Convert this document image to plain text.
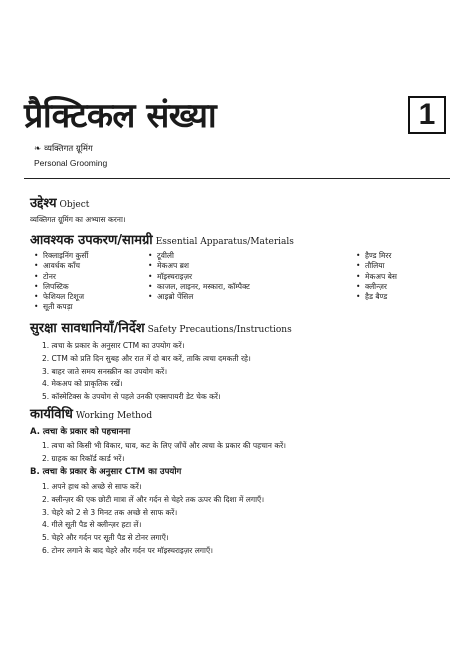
प्रैक्टिकल संख्या	1
❧ व्यक्तिगत ग्रूमिंग
Personal Grooming
उद्देश्य Object
व्यक्तिगत ग्रूमिंग का अभ्यास करना।
आवश्यक उपकरण/सामग्री Essential Apparatus/Materials
• रिक्लाइनिंग कुर्सी
• आवर्धक काँच
• टोनर
• लिपस्टिक
• फेशियल टिशूज
• सूती कपड़ा
• टूवीली
• मेकअप ब्रश
• मॉइस्चराइज़र
• काजल, लाइनर, मस्कारा, कॉम्पैक्ट
• आइब्रो पेंसिल
• हैण्ड मिरर
• तौलिया
• मेकअप बेस
• क्लीन्ज़र
• हैड बैण्ड
सुरक्षा सावधानियाँ/निर्देश Safety Precautions/Instructions
1. त्वचा के प्रकार के अनुसार CTM का उपयोग करें।
2. CTM को प्रति दिन सुबह और रात में दो बार करें, ताकि त्वचा दमकती रहे।
3. बाहर जाते समय सनस्क्रीन का उपयोग करें।
4. मेकअप को प्राकृतिक रखें।
5. कॉस्मेटिक्स के उपयोग से पहले उनकी एक्सपायरी डेट चेक करें।
कार्यविधि Working Method
A. त्वचा के प्रकार को पहचानना
1. त्वचा को किसी भी विकार, घाव, कट के लिए जाँचें और त्वचा के प्रकार की पहचान करें।
2. ग्राहक का रिकॉर्ड कार्ड भरें।
B. त्वचा के प्रकार के अनुसार CTM का उपयोग
1. अपने हाथ को अच्छे से साफ करें।
2. क्लीन्ज़र की एक छोटी मात्रा लें और गर्दन से चेहरे तक ऊपर की दिशा में लगाएँ।
3. चेहरे को 2 से 3 मिनट तक अच्छे से साफ करें।
4. गीले सूती पैड से क्लीन्ज़र हटा लें।
5. चेहरे और गर्दन पर सूती पैड से टोनर लगाएँ।
6. टोनर लगाने के बाद चेहरे और गर्दन पर मॉइस्चराइज़र लगाएँ।
